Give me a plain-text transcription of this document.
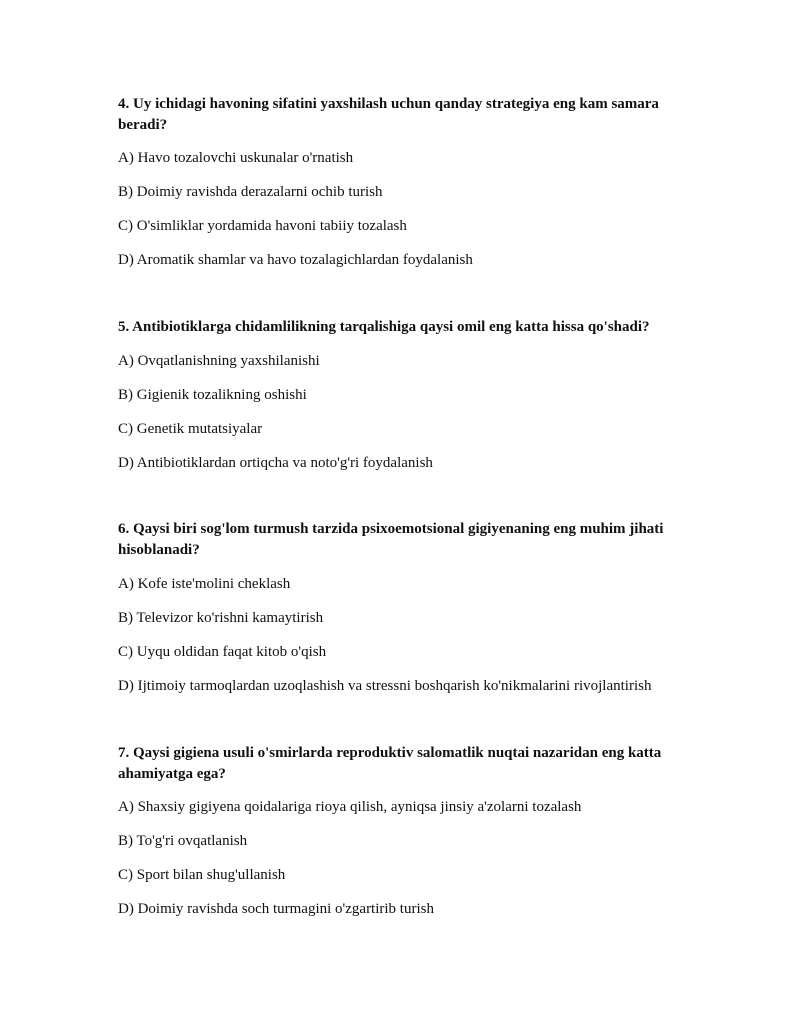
4. Uy ichidagi havoning sifatini yaxshilash uchun qanday strategiya eng kam samara beradi?

A) Havo tozalovchi uskunalar o'rnatish

B) Doimiy ravishda derazalarni ochib turish

C) O'simliklar yordamida havoni tabiiy tozalash

D) Aromatik shamlar va havo tozalagichlardan foydalanish

5. Antibiotiklarga chidamlilikning tarqalishiga qaysi omil eng katta hissa qo'shadi?

A) Ovqatlanishning yaxshilanishi

B) Gigienik tozalikning oshishi

C) Genetik mutatsiyalar

D) Antibiotiklardan ortiqcha va noto'g'ri foydalanish

6. Qaysi biri sog'lom turmush tarzida psixoemotsional gigiyenaning eng muhim jihati hisoblanadi?

A) Kofe iste'molini cheklash

B) Televizor ko'rishni kamaytirish

C) Uyqu oldidan faqat kitob o'qish

D) Ijtimoiy tarmoqlardan uzoqlashish va stressni boshqarish ko'nikmalarini rivojlantirish

7. Qaysi gigiena usuli o'smirlarda reproduktiv salomatlik nuqtai nazaridan eng katta ahamiyatga ega?

A) Shaxsiy gigiyena qoidalariga rioya qilish, ayniqsa jinsiy a'zolarni tozalash

B) To'g'ri ovqatlanish

C) Sport bilan shug'ullanish

D) Doimiy ravishda soch turmagini o'zgartirib turish
